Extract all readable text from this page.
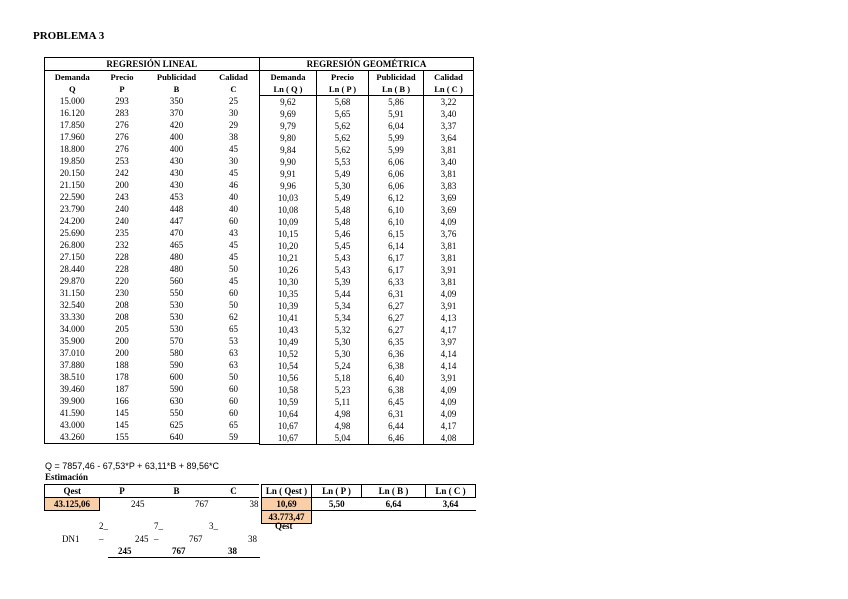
PROBLEMA 3
REGRESIÓN LINEAL			
Demanda	Precio	Publicidad	Calidad
Q	P	B	C
15.000	293	350	25
16.120	283	370	30
17.850	276	420	29
17.960	276	400	38
18.800	276	400	45
19.850	253	430	30
20.150	242	430	45
21.150	200	430	46
22.590	243	453	40
23.790	240	448	40
24.200	240	447	60
25.690	235	470	43
26.800	232	465	45
27.150	228	480	45
28.440	228	480	50
29.870	220	560	45
31.150	230	550	60
32.540	208	530	50
33.330	208	530	62
34.000	205	530	65
35.900	200	570	53
37.010	200	580	63
37.880	188	590	63
38.510	178	600	50
39.460	187	590	60
39.900	166	630	60
41.590	145	550	60
43.000	145	625	65
43.260	155	640	59
REGRESIÓN GEOMÉTRICA			
Demanda	Precio	Publicidad	Calidad
Ln ( Q )	Ln ( P )	Ln ( B )	Ln ( C )
9,62	5,68	5,86	3,22
9,69	5,65	5,91	3,40
9,79	5,62	6,04	3,37
9,80	5,62	5,99	3,64
9,84	5,62	5,99	3,81
9,90	5,53	6,06	3,40
9,91	5,49	6,06	3,81
9,96	5,30	6,06	3,83
10,03	5,49	6,12	3,69
10,08	5,48	6,10	3,69
10,09	5,48	6,10	4,09
10,15	5,46	6,15	3,76
10,20	5,45	6,14	3,81
10,21	5,43	6,17	3,81
10,26	5,43	6,17	3,91
10,30	5,39	6,33	3,81
10,35	5,44	6,31	4,09
10,39	5,34	6,27	3,91
10,41	5,34	6,27	4,13
10,43	5,32	6,27	4,17
10,49	5,30	6,35	3,97
10,52	5,30	6,36	4,14
10,54	5,24	6,38	4,14
10,56	5,18	6,40	3,91
10,58	5,23	6,38	4,09
10,59	5,11	6,45	4,09
10,64	4,98	6,31	4,09
10,67	4,98	6,44	4,17
10,67	5,04	6,46	4,08
Q = 7857,46 - 67,53*P + 63,11*B + 89,56*C
Estimación
Qest	P	B	C
43.125,06	245	767	38
Ln ( Qest )	Ln ( P )	Ln ( B )	Ln ( C )
10,69	5,50	6,64	3,64
43.773,47			
Qest
2_ _
7_ _
3_
DN1	245	767	38
245	767	38
